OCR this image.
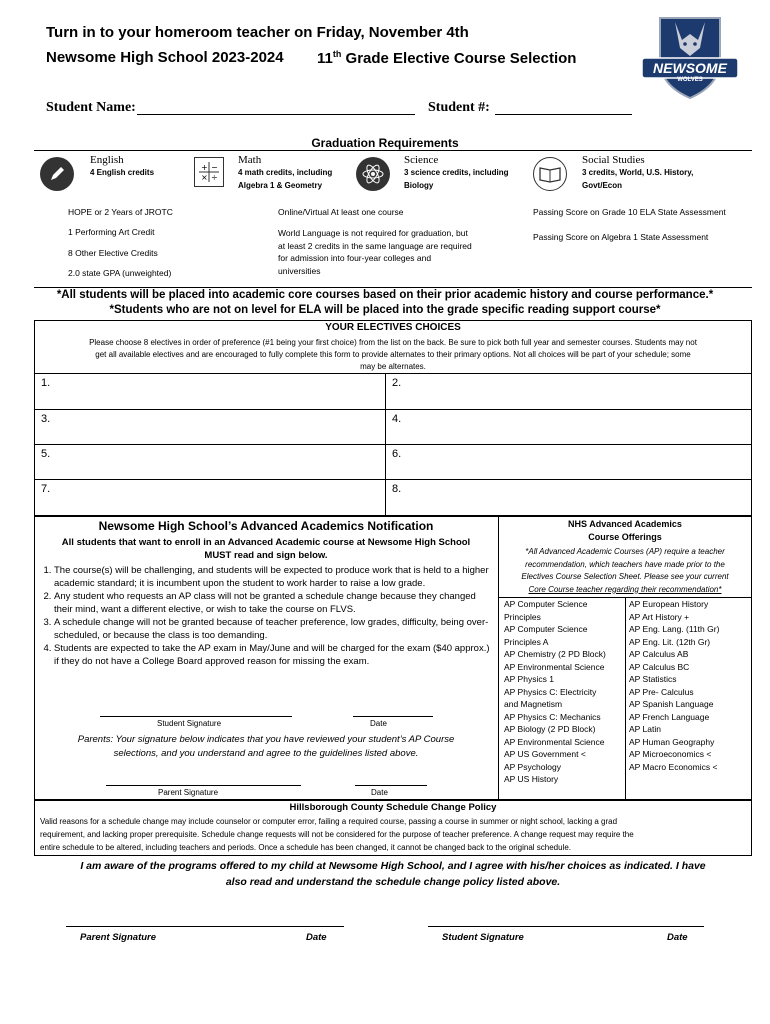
Turn in to your homeroom teacher on Friday, November 4th
Newsome High School 2023-2024 11th Grade Elective Course Selection
NEWSOME
WOLVES
Student Name:	Student #:
Graduation Requirements
English
4 English credits
+ −
× ÷
Math
4 math credits, including
Algebra 1 & Geometry
Science
3 science credits, including
Biology
Social Studies
3 credits, World, U.S. History,
Govt/Econ
HOPE or 2 Years of JROTC
1 Performing Art Credit
8 Other Elective Credits
2.0 state GPA (unweighted)
Online/Virtual At least one course
World Language is not required for graduation, but
at least 2 credits in the same language are required
for admission into four-year colleges and
universities
Passing Score on Grade 10 ELA State Assessment
Passing Score on Algebra 1 State Assessment
*All students will be placed into academic core courses based on their prior academic history and course performance.*
*Students who are not on level for ELA will be placed into the grade specific reading support course*
YOUR ELECTIVES CHOICES
Please choose 8 electives in order of preference (#1 being your first choice) from the list on the back. Be sure to pick both full year and semester courses. Students may not
get all available electives and are encouraged to fully complete this form to provide alternates to their primary options. Not all choices will be part of your schedule; some
may be alternates.
1.	2.
3.	4.
5.	6.
7.	8.
Newsome High School’s Advanced Academics Notification
All students that want to enroll in an Advanced Academic course at Newsome High School
MUST read and sign below.
1. The course(s) will be challenging, and students will be expected to produce work that is held to a higher academic standard; it is incumbent upon the student to work harder to raise a low grade.
2. Any student who requests an AP class will not be granted a schedule change because they changed their mind, want a different elective, or wish to take the course on FLVS.
3. A schedule change will not be granted because of teacher preference, low grades, difficulty, being over-scheduled, or because the class is too demanding.
4. Students are expected to take the AP exam in May/June and will be charged for the exam ($40 approx.) if they do not have a College Board approved reason for missing the exam.
Student Signature	Date
Parents: Your signature below indicates that you have reviewed your student’s AP Course
selections, and you understand and agree to the guidelines listed above.
Parent Signature	Date
NHS Advanced Academics
Course Offerings
*All Advanced Academic Courses (AP) require a teacher
recommendation, which teachers have made prior to the
Electives Course Selection Sheet. Please see your current
Core Course teacher regarding their recommendation*
AP Computer Science
Principles
AP Computer Science
Principles A
AP Chemistry (2 PD Block)
AP Environmental Science
AP Physics 1
AP Physics C: Electricity
and Magnetism
AP Physics C: Mechanics
AP Biology (2 PD Block)
AP Environmental Science
AP US Government <
AP Psychology
AP US History
AP European History
AP Art History +
AP Eng. Lang. (11th Gr)
AP Eng. Lit. (12th Gr)
AP Calculus AB
AP Calculus BC
AP Statistics
AP Pre- Calculus
AP Spanish Language
AP French Language
AP Latin
AP Human Geography
AP Microeconomics <
AP Macro Economics <
Hillsborough County Schedule Change Policy
Valid reasons for a schedule change may include counselor or computer error, failing a required course, passing a course in summer or night school, lacking a grad
requirement, and lacking proper prerequisite. Schedule change requests will not be considered for the purpose of teacher preference. A change request may require the
entire schedule to be altered, including teachers and periods. Once a schedule has been changed, it cannot be changed back to the original schedule.
I am aware of the programs offered to my child at Newsome High School, and I agree with his/her choices as indicated. I have
also read and understand the schedule change policy listed above.
Parent Signature	Date	Student Signature	Date
